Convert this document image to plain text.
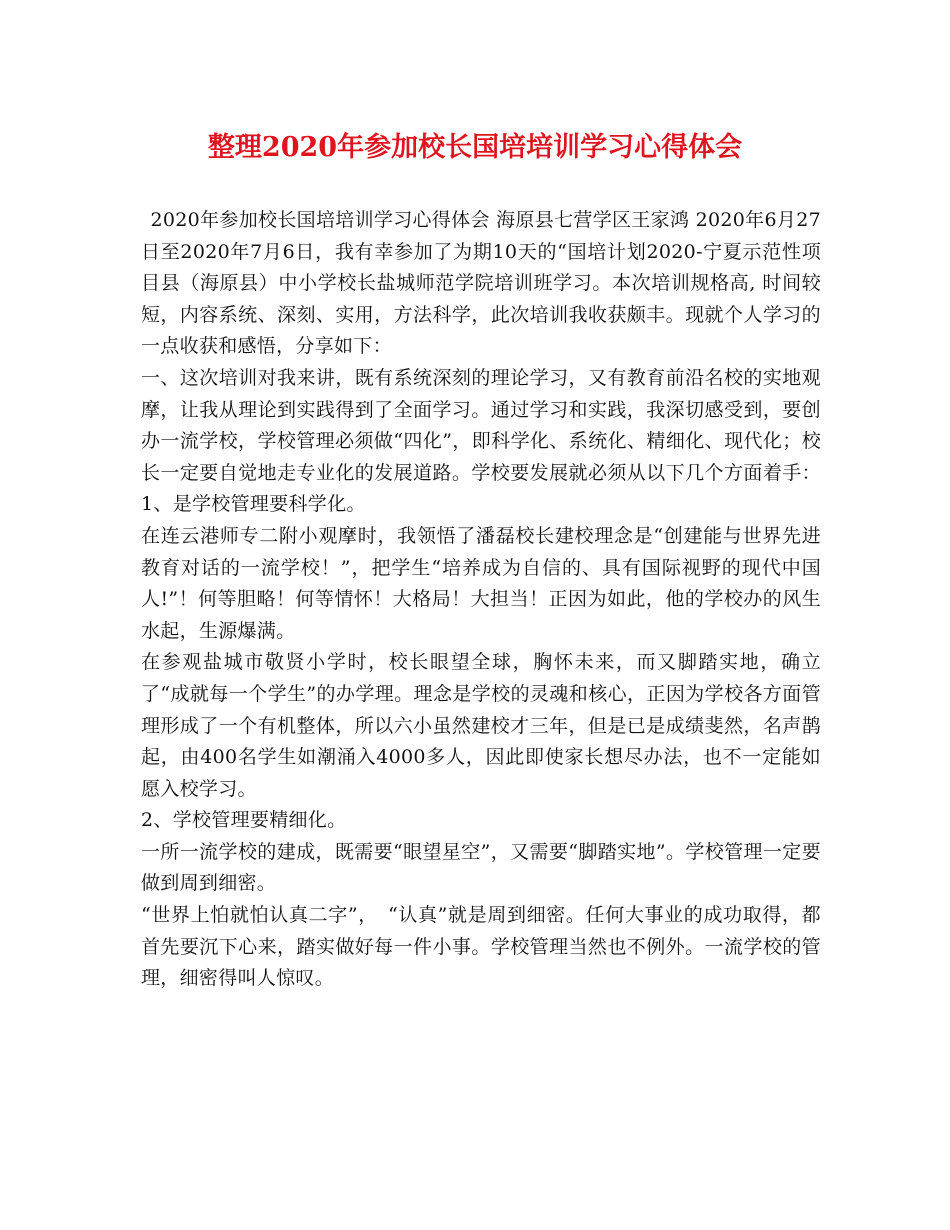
整理2020年参加校长国培培训学习心得体会

2020年参加校长国培培训学习心得体会 海原县七营学区王家鸿 2020年6月27日至2020年7月6日，我有幸参加了为期10天的“国培计划2020-宁夏示范性项目县（海原县）中小学校长盐城师范学院培训班学习。本次培训规格高, 时间较短，内容系统、深刻、实用，方法科学，此次培训我收获颇丰。现就个人学习的一点收获和感悟，分享如下：

一、这次培训对我来讲，既有系统深刻的理论学习，又有教育前沿名校的实地观摩，让我从理论到实践得到了全面学习。通过学习和实践，我深切感受到，要创办一流学校，学校管理必须做“四化”，即科学化、系统化、精细化、现代化；校长一定要自觉地走专业化的发展道路。学校要发展就必须从以下几个方面着手： 1、是学校管理要科学化。

在连云港师专二附小观摩时，我领悟了潘磊校长建校理念是“创建能与世界先进教育对话的一流学校！”，把学生“培养成为自信的、具有国际视野的现代中国人!”！何等胆略！何等情怀！大格局！大担当！正因为如此，他的学校办的风生水起，生源爆满。

在参观盐城市敬贤小学时，校长眼望全球，胸怀未来，而又脚踏实地，确立了“成就每一个学生”的办学理。理念是学校的灵魂和核心，正因为学校各方面管理形成了一个有机整体，所以六小虽然建校才三年，但是已是成绩斐然，名声鹊起，由400名学生如潮涌入4000多人，因此即使家长想尽办法，也不一定能如愿入校学习。

2、学校管理要精细化。

一所一流学校的建成，既需要“眼望星空”，又需要“脚踏实地”。学校管理一定要做到周到细密。

“世界上怕就怕认真二字”，　“认真”就是周到细密。任何大事业的成功取得，都首先要沉下心来，踏实做好每一件小事。学校管理当然也不例外。一流学校的管理，细密得叫人惊叹。
